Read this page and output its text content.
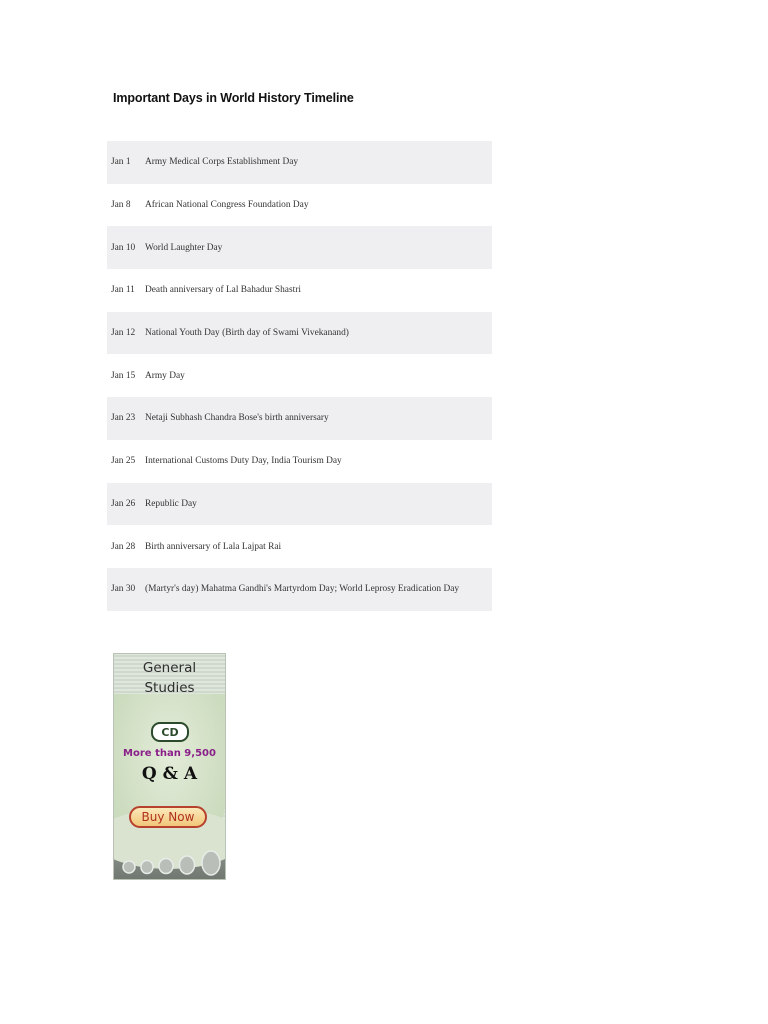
Important Days in World History Timeline
Jan 1	Army Medical Corps Establishment Day
Jan 8	African National Congress Foundation Day
Jan 10	World Laughter Day
Jan 11	Death anniversary of Lal Bahadur Shastri
Jan 12	National Youth Day (Birth day of Swami Vivekanand)
Jan 15	Army Day
Jan 23	Netaji Subhash Chandra Bose's birth anniversary
Jan 25	International Customs Duty Day, India Tourism Day
Jan 26	Republic Day
Jan 28	Birth anniversary of Lala Lajpat Rai
Jan 30	(Martyr's day) Mahatma Gandhi's Martyrdom Day; World Leprosy Eradication Day
General
Studies
CD
More than 9,500
Q & A
Buy Now
